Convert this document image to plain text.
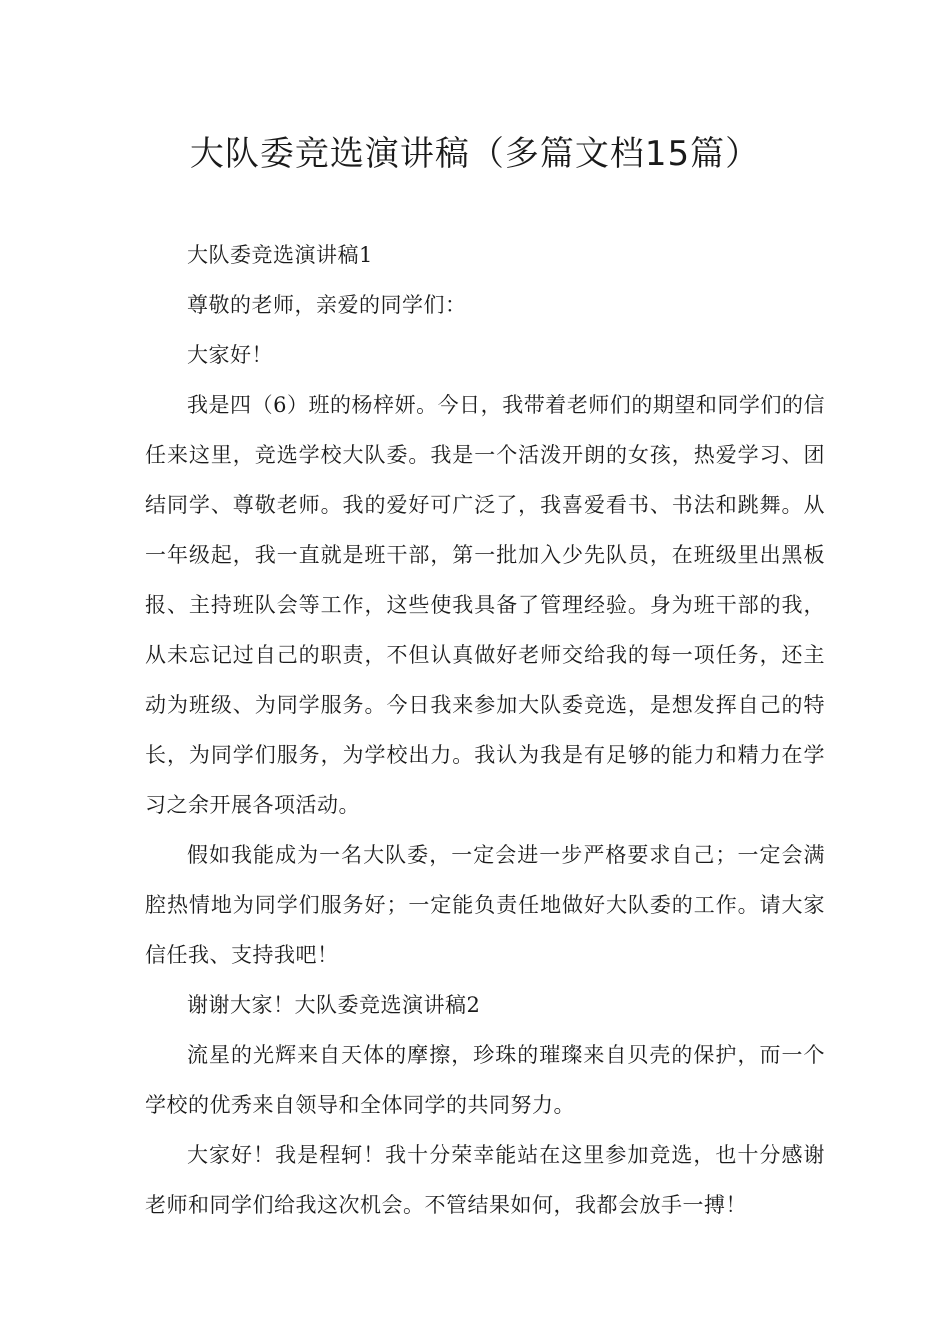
大队委竞选演讲稿（多篇文档15篇）

大队委竞选演讲稿1

尊敬的老师，亲爱的同学们：

大家好！

我是四（6）班的杨梓妍。今日，我带着老师们的期望和同学们的信任来这里，竞选学校大队委。我是一个活泼开朗的女孩，热爱学习、团结同学、尊敬老师。我的爱好可广泛了，我喜爱看书、书法和跳舞。从一年级起，我一直就是班干部，第一批加入少先队员，在班级里出黑板报、主持班队会等工作，这些使我具备了管理经验。身为班干部的我，从未忘记过自己的职责，不但认真做好老师交给我的每一项任务，还主动为班级、为同学服务。今日我来参加大队委竞选，是想发挥自己的特长，为同学们服务，为学校出力。我认为我是有足够的能力和精力在学习之余开展各项活动。

假如我能成为一名大队委，一定会进一步严格要求自己；一定会满腔热情地为同学们服务好；一定能负责任地做好大队委的工作。请大家信任我、支持我吧！

谢谢大家！大队委竞选演讲稿2

流星的光辉来自天体的摩擦，珍珠的璀璨来自贝壳的保护，而一个学校的优秀来自领导和全体同学的共同努力。

大家好！我是程轲！我十分荣幸能站在这里参加竞选，也十分感谢老师和同学们给我这次机会。不管结果如何，我都会放手一搏！
